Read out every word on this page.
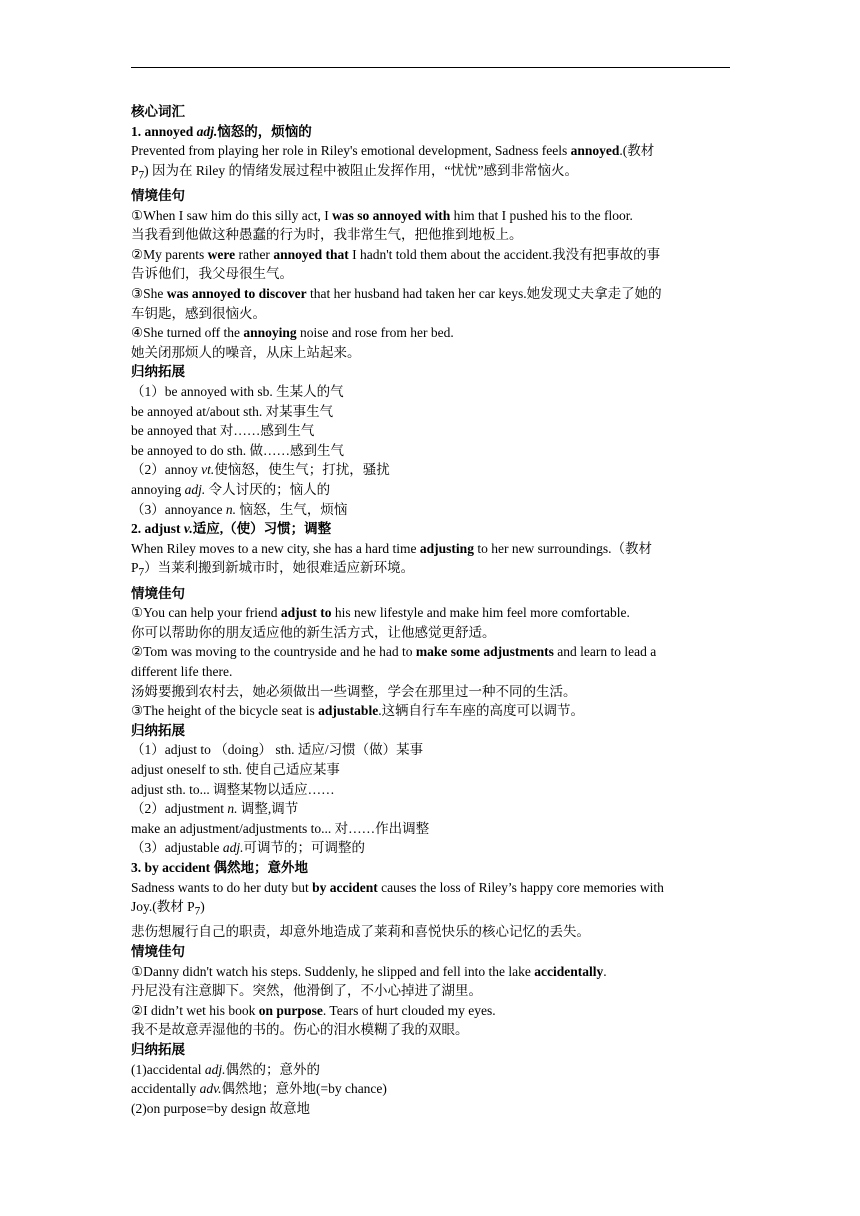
核心词汇

1. annoyed adj.恼怒的，烦恼的

Prevented from playing her role in Riley's emotional development, Sadness feels annoyed.(教材

$P_7$) 因为在 Riley 的情绪发展过程中被阻止发挥作用，“忧忧”感到非常恼火。

情境佳句

①When I saw him do this silly act, I was so annoyed with him that I pushed his to the floor.

当我看到他做这种愚蠢的行为时，我非常生气，把他推到地板上。

②My parents were rather annoyed that I hadn't told them about the accident.我没有把事故的事

告诉他们，我父母很生气。

③She was annoyed to discover that her husband had taken her car keys.她发现丈夫拿走了她的

车钥匙，感到很恼火。

④She turned off the annoying noise and rose from her bed.

她关闭那烦人的噪音，从床上站起来。

归纳拓展

（1）be annoyed with sb. 生某人的气

be annoyed at/about sth. 对某事生气

be annoyed that 对……感到生气

be annoyed to do sth. 做……感到生气

（2）annoy vt.使恼怒，使生气；打扰，骚扰

annoying adj. 令人讨厌的；恼人的

（3）annoyance n. 恼怒，生气，烦恼

2. adjust v.适应,（使）习惯；调整

When Riley moves to a new city, she has a hard time adjusting to her new surroundings.（教材

$P_7$）当莱利搬到新城市时，她很难适应新环境。

情境佳句

①You can help your friend adjust to his new lifestyle and make him feel more comfortable.

你可以帮助你的朋友适应他的新生活方式，让他感觉更舒适。

②Tom was moving to the countryside and he had to make some adjustments and learn to lead a

different life there.

汤姆要搬到农村去，她必须做出一些调整，学会在那里过一种不同的生活。

③The height of the bicycle seat is adjustable.这辆自行车车座的高度可以调节。

归纳拓展

（1）adjust to （doing） sth. 适应/习惯（做）某事

adjust oneself to sth. 使自己适应某事

adjust sth. to... 调整某物以适应……

（2）adjustment n. 调整,调节

make an adjustment/adjustments to... 对……作出调整

（3）adjustable adj.可调节的；可调整的

3. by accident 偶然地；意外地

Sadness wants to do her duty but by accident causes the loss of Riley’s happy core memories with

Joy.(教材 $P_7$)

悲伤想履行自己的职责，却意外地造成了莱莉和喜悦快乐的核心记忆的丢失。

情境佳句

①Danny didn't watch his steps. Suddenly, he slipped and fell into the lake accidentally.

丹尼没有注意脚下。突然，他滑倒了，不小心掉进了湖里。

②I didn’t wet his book on purpose. Tears of hurt clouded my eyes.

我不是故意弄湿他的书的。伤心的泪水模糊了我的双眼。

归纳拓展

(1)accidental adj.偶然的；意外的

accidentally adv.偶然地；意外地(=by chance)

(2)on purpose=by design 故意地
